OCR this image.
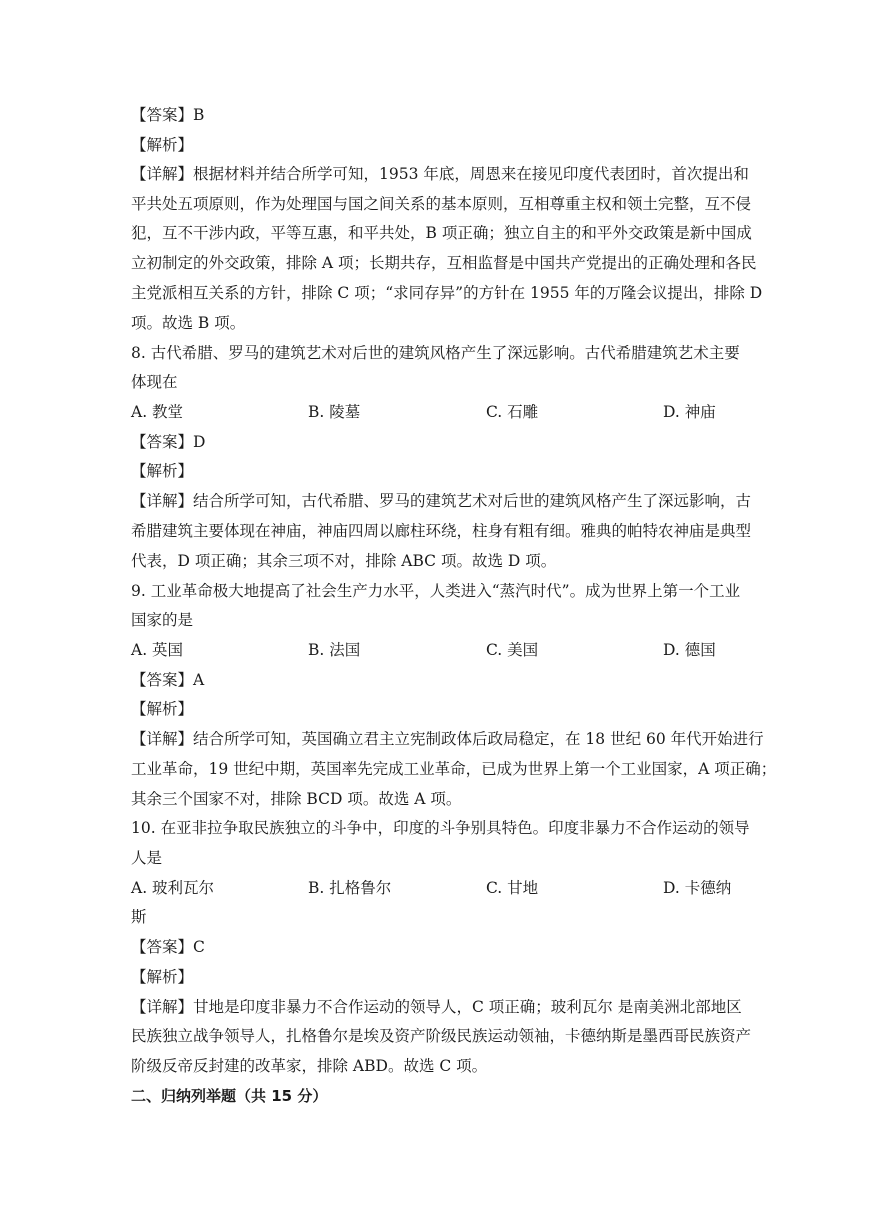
【答案】B
【解析】
【详解】根据材料并结合所学可知，1953 年底，周恩来在接见印度代表团时，首次提出和
平共处五项原则，作为处理国与国之间关系的基本原则，互相尊重主权和领土完整，互不侵
犯，互不干涉内政，平等互惠，和平共处，B 项正确；独立自主的和平外交政策是新中国成
立初制定的外交政策，排除 A 项；长期共存，互相监督是中国共产党提出的正确处理和各民
主党派相互关系的方针，排除 C 项；“求同存异”的方针在 1955 年的万隆会议提出，排除 D
项。故选 B 项。
8. 古代希腊、罗马的建筑艺术对后世的建筑风格产生了深远影响。古代希腊建筑艺术主要
体现在
A. 教堂	B. 陵墓	C. 石雕	D. 神庙
【答案】D
【解析】
【详解】结合所学可知，古代希腊、罗马的建筑艺术对后世的建筑风格产生了深远影响，古
希腊建筑主要体现在神庙，神庙四周以廊柱环绕，柱身有粗有细。雅典的帕特农神庙是典型
代表，D 项正确；其余三项不对，排除 ABC 项。故选 D 项。
9. 工业革命极大地提高了社会生产力水平，人类进入“蒸汽时代”。成为世界上第一个工业
国家的是
A. 英国	B. 法国	C. 美国	D. 德国
【答案】A
【解析】
【详解】结合所学可知，英国确立君主立宪制政体后政局稳定，在 18 世纪 60 年代开始进行
工业革命，19 世纪中期，英国率先完成工业革命，已成为世界上第一个工业国家，A 项正确；
其余三个国家不对，排除 BCD 项。故选 A 项。
10. 在亚非拉争取民族独立的斗争中，印度的斗争别具特色。印度非暴力不合作运动的领导
人是
A. 玻利瓦尔	B. 扎格鲁尔	C. 甘地	D. 卡德纳
斯
【答案】C
【解析】
【详解】甘地是印度非暴力不合作运动的领导人，C 项正确；玻利瓦尔 是南美洲北部地区
民族独立战争领导人，扎格鲁尔是埃及资产阶级民族运动领袖，卡德纳斯是墨西哥民族资产
阶级反帝反封建的改革家，排除 ABD。故选 C 项。
二、归纳列举题（共 15 分）
